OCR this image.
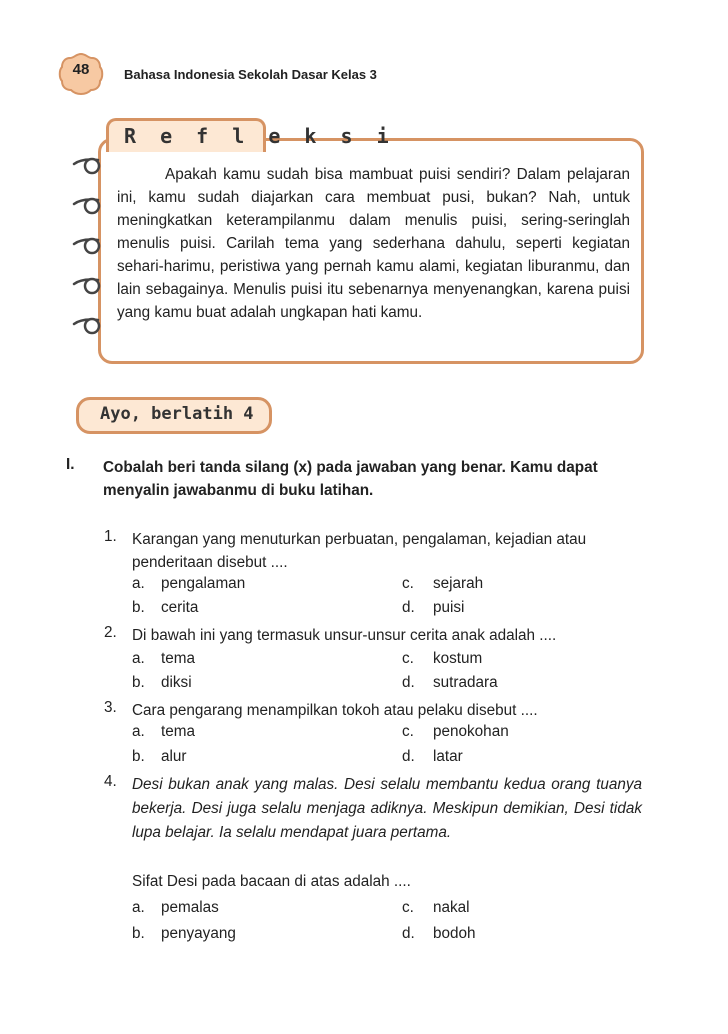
48	Bahasa Indonesia Sekolah Dasar Kelas 3
R e f l e k s i

Apakah kamu sudah bisa mambuat puisi sendiri? Dalam pelajaran ini, kamu sudah diajarkan cara membuat pusi, bukan? Nah, untuk meningkatkan keterampilanmu dalam menulis puisi, sering-seringlah menulis puisi. Carilah tema yang sederhana dahulu, seperti kegiatan sehari-harimu, peristiwa yang pernah kamu alami, kegiatan liburanmu, dan lain sebagainya. Menulis puisi itu sebenarnya menyenangkan, karena puisi yang kamu buat adalah ungkapan hati kamu.

Ayo, berlatih 4
I. Cobalah beri tanda silang (x) pada jawaban yang benar. Kamu dapat menyalin jawabanmu di buku latihan.
1. Karangan yang menuturkan perbuatan, pengalaman, kejadian atau penderitaan disebut ....
a. pengalaman
b. cerita
c. sejarah
d. puisi
2. Di bawah ini yang termasuk unsur-unsur cerita anak adalah ....
a. tema
b. diksi
c. kostum
d. sutradara
3. Cara pengarang menampilkan tokoh atau pelaku disebut ....
a. tema
b. alur
c. penokohan
d. latar
4. Desi bukan anak yang malas. Desi selalu membantu kedua orang tuanya bekerja. Desi juga selalu menjaga adiknya. Meskipun demikian, Desi tidak lupa belajar. Ia selalu mendapat juara pertama.
Sifat Desi pada bacaan di atas adalah ....
a. pemalas
b. penyayang
c. nakal
d. bodoh
